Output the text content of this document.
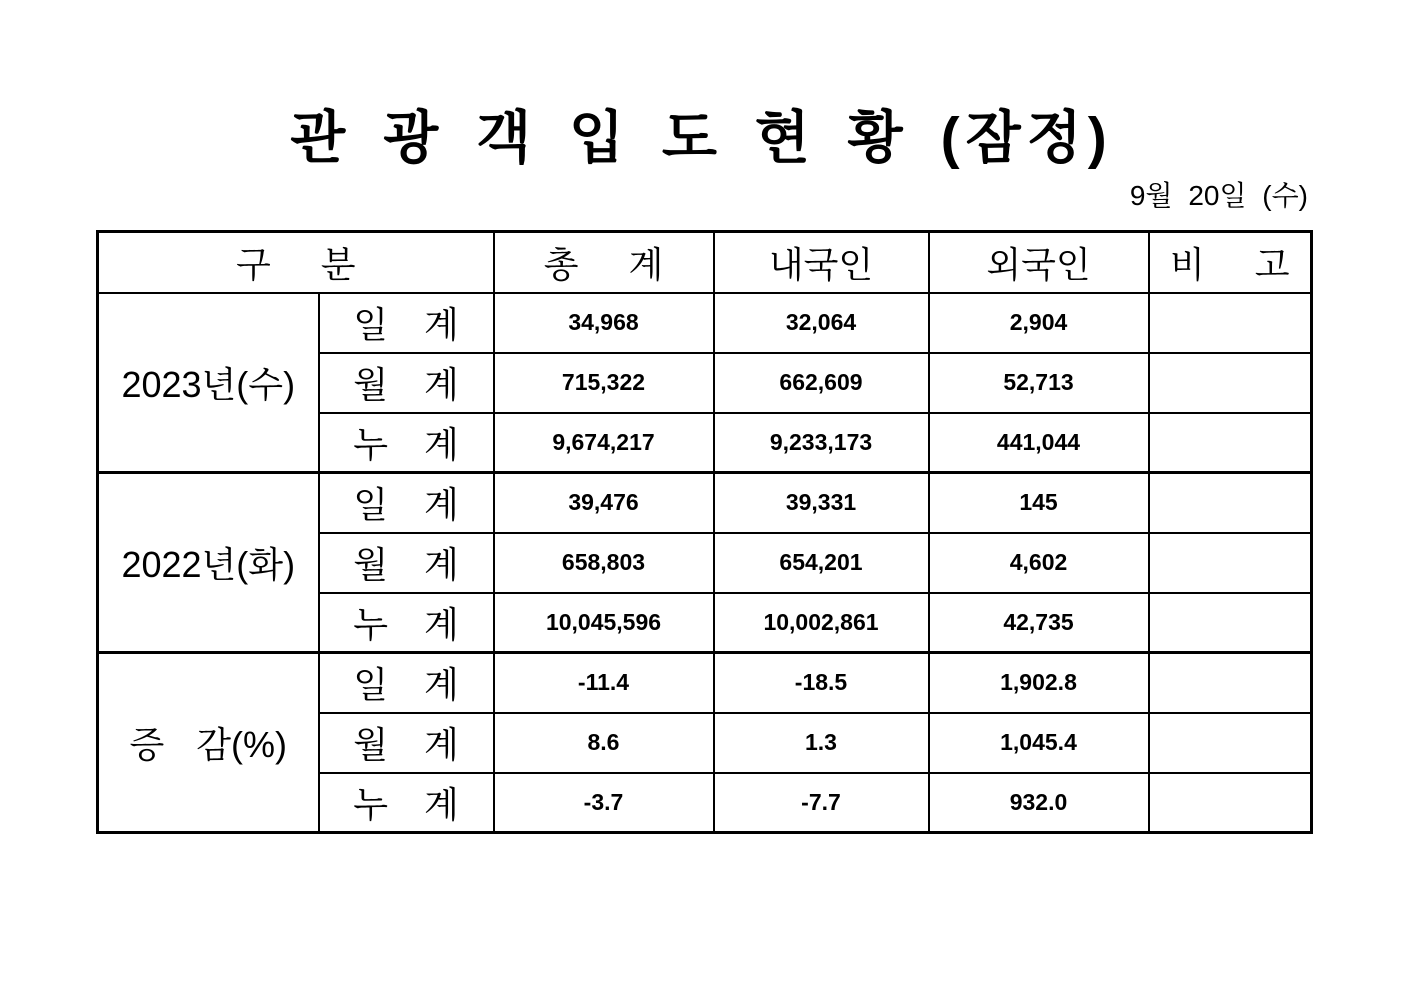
관 광 객 입 도 현 황 (잠정)
9월 20일 (수)
구 분		총 계	내국인	외국인	비 고
2023년(수)	일 계	34,968	32,064	2,904	
	월 계	715,322	662,609	52,713	
	누 계	9,674,217	9,233,173	441,044	
2022년(화)	일 계	39,476	39,331	145	
	월 계	658,803	654,201	4,602	
	누 계	10,045,596	10,002,861	42,735	
증 감(%)	일 계	-11.4	-18.5	1,902.8	
	월 계	8.6	1.3	1,045.4	
	누 계	-3.7	-7.7	932.0	
